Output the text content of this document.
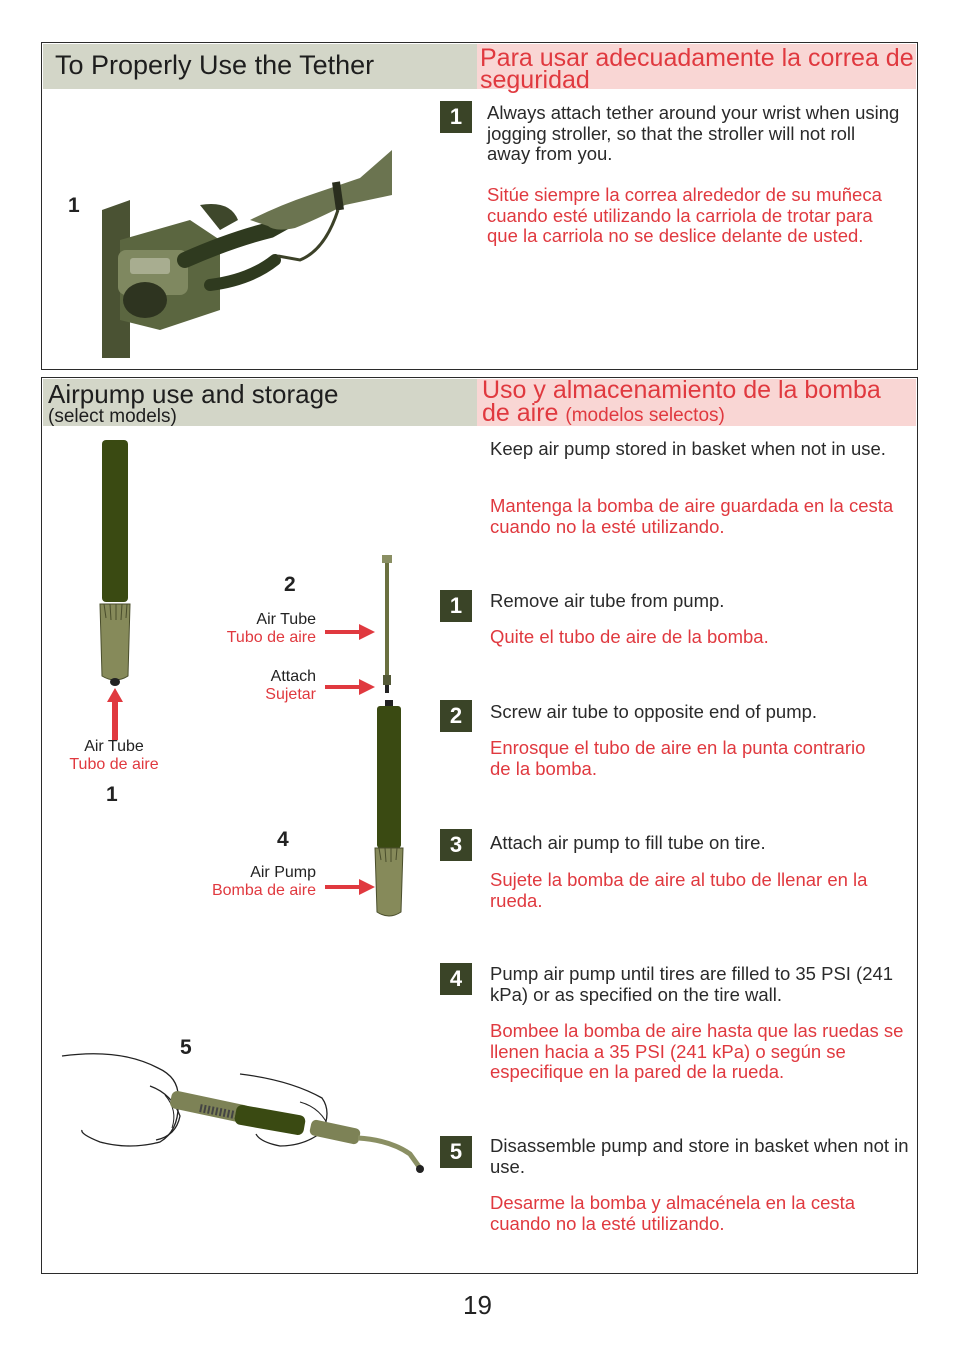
To Properly Use the Tether	Para usar adecuadamente la correa de seguridad
1
1	Always attach tether around your wrist when using jogging stroller, so that the stroller will not roll away from you.
Sitúe siempre la correa alrededor de su muñeca cuando esté utilizando la carriola de trotar para que la carriola no se deslice delante de usted.
Airpump use and storage
(select models)
Uso y almacenamiento de la bomba de aire (modelos selectos)
Keep air pump stored in basket when not in use.
Mantenga la bomba de aire guardada en la cesta cuando no la esté utilizando.
1	Remove air tube from pump.
Quite el tubo de aire de la bomba.
2	Screw air tube to opposite end of pump.
Enrosque el tubo de aire en la punta contrario de la bomba.
3	Attach air pump to fill tube on tire.
Sujete la bomba de aire al tubo de llenar en la rueda.
4	Pump air pump until tires are filled to 35 PSI (241 kPa) or as specified on the tire wall.
Bombee la bomba de aire hasta que las ruedas se llenen hacia a 35 PSI (241 kPa) o según se especifique en la pared de la rueda.
5	Disassemble pump and store in basket when not in use.
Desarme la bomba y almacénela en la cesta cuando no la esté utilizando.
Air Tube
Tubo de aire
1
2
Air Tube
Tubo de aire
Attach
Sujetar
4
Air Pump
Bomba de aire
5
19
